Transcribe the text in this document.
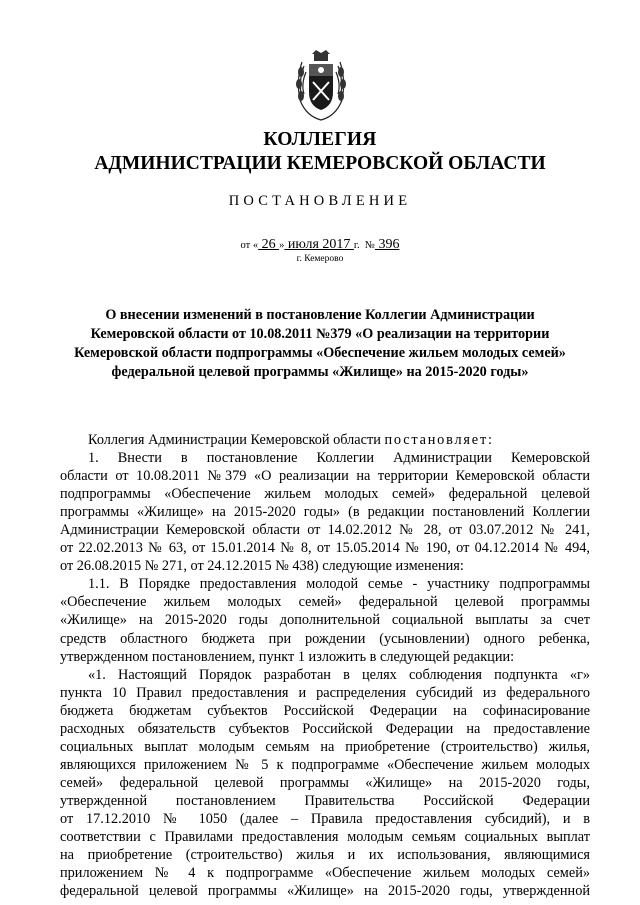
КОЛЛЕГИЯ
АДМИНИСТРАЦИИ КЕМЕРОВСКОЙ ОБЛАСТИ
ПОСТАНОВЛЕНИЕ
от « 26 » июля 2017 г. № 396
г. Кемерово
О внесении изменений в постановление Коллегии Администрации
Кемеровской области от 10.08.2011 №379 «О реализации на территории
Кемеровской области подпрограммы «Обеспечение жильем молодых семей»
федеральной целевой программы «Жилище» на 2015-2020 годы»
Коллегия Администрации Кемеровской области постановляет:
1. Внести в постановление Коллегии Администрации Кемеровской
области от 10.08.2011 №379 «О реализации на территории Кемеровской области
подпрограммы «Обеспечение жильем молодых семей» федеральной целевой
программы «Жилище» на 2015-2020 годы» (в редакции постановлений Коллегии
Администрации Кемеровской области от 14.02.2012 № 28, от 03.07.2012 № 241,
от 22.02.2013 № 63, от 15.01.2014 № 8, от 15.05.2014 № 190, от 04.12.2014 № 494,
от 26.08.2015 № 271, от 24.12.2015 № 438) следующие изменения:
1.1. В Порядке предоставления молодой семье - участнику подпрограммы
«Обеспечение жильем молодых семей» федеральной целевой программы
«Жилище» на 2015-2020 годы дополнительной социальной выплаты за счет
средств областного бюджета при рождении (усыновлении) одного ребенка,
утвержденном постановлением, пункт 1 изложить в следующей редакции:
«1. Настоящий Порядок разработан в целях соблюдения подпункта «г»
пункта 10 Правил предоставления и распределения субсидий из федерального
бюджета бюджетам субъектов Российской Федерации на софинасирование
расходных обязательств субъектов Российской Федерации на предоставление
социальных выплат молодым семьям на приобретение (строительство) жилья,
являющихся приложением № 5 к подпрограмме «Обеспечение жильем молодых
семей» федеральной целевой программы «Жилище» на 2015-2020 годы,
утвержденной постановлением Правительства Российской Федерации
от 17.12.2010 № 1050 (далее – Правила предоставления субсидий), и в
соответствии с Правилами предоставления молодым семьям социальных выплат
на приобретение (строительство) жилья и их использования, являющимися
приложением № 4 к подпрограмме «Обеспечение жильем молодых семей»
федеральной целевой программы «Жилище» на 2015-2020 годы, утвержденной
